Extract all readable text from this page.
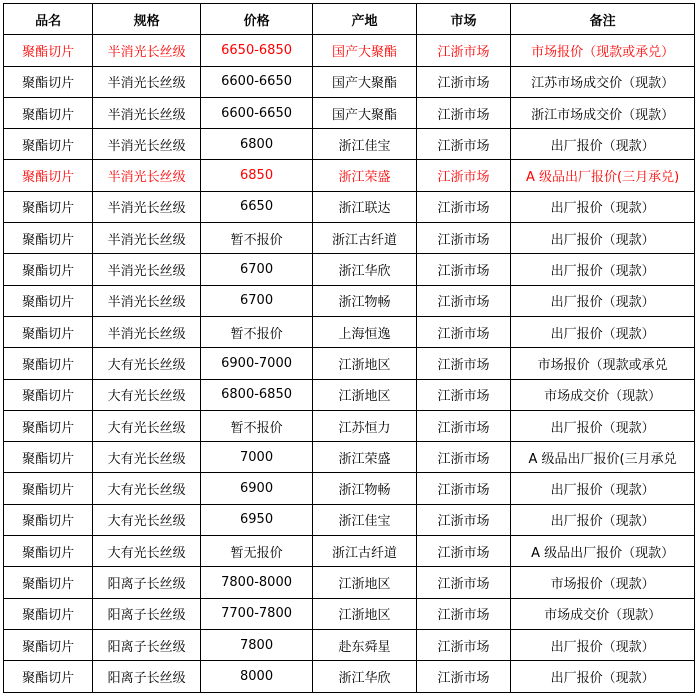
品名	规格	价格	产地	市场	备注
聚酯切片	半消光长丝级	6650-6850	国产大聚酯	江浙市场	市场报价（现款或承兑）
聚酯切片	半消光长丝级	6600-6650	国产大聚酯	江浙市场	江苏市场成交价（现款）
聚酯切片	半消光长丝级	6600-6650	国产大聚酯	江浙市场	浙江市场成交价（现款）
聚酯切片	半消光长丝级	6800	浙江佳宝	江浙市场	出厂报价（现款）
聚酯切片	半消光长丝级	6850	浙江荣盛	江浙市场	A 级品出厂报价(三月承兑)
聚酯切片	半消光长丝级	6650	浙江联达	江浙市场	出厂报价（现款）
聚酯切片	半消光长丝级	暂不报价	浙江古纤道	江浙市场	出厂报价（现款）
聚酯切片	半消光长丝级	6700	浙江华欣	江浙市场	出厂报价（现款）
聚酯切片	半消光长丝级	6700	浙江物畅	江浙市场	出厂报价（现款）
聚酯切片	半消光长丝级	暂不报价	上海恒逸	江浙市场	出厂报价（现款）
聚酯切片	大有光长丝级	6900-7000	江浙地区	江浙市场	市场报价（现款或承兑
聚酯切片	大有光长丝级	6800-6850	江浙地区	江浙市场	市场成交价（现款）
聚酯切片	大有光长丝级	暂不报价	江苏恒力	江浙市场	出厂报价（现款）
聚酯切片	大有光长丝级	7000	浙江荣盛	江浙市场	A 级品出厂报价(三月承兑
聚酯切片	大有光长丝级	6900	浙江物畅	江浙市场	出厂报价（现款）
聚酯切片	大有光长丝级	6950	浙江佳宝	江浙市场	出厂报价（现款）
聚酯切片	大有光长丝级	暂无报价	浙江古纤道	江浙市场	A 级品出厂报价（现款）
聚酯切片	阳离子长丝级	7800-8000	江浙地区	江浙市场	市场报价（现款）
聚酯切片	阳离子长丝级	7700-7800	江浙地区	江浙市场	市场成交价（现款）
聚酯切片	阳离子长丝级	7800	赴东舜星	江浙市场	出厂报价（现款）
聚酯切片	阳离子长丝级	8000	浙江华欣	江浙市场	出厂报价（现款）
